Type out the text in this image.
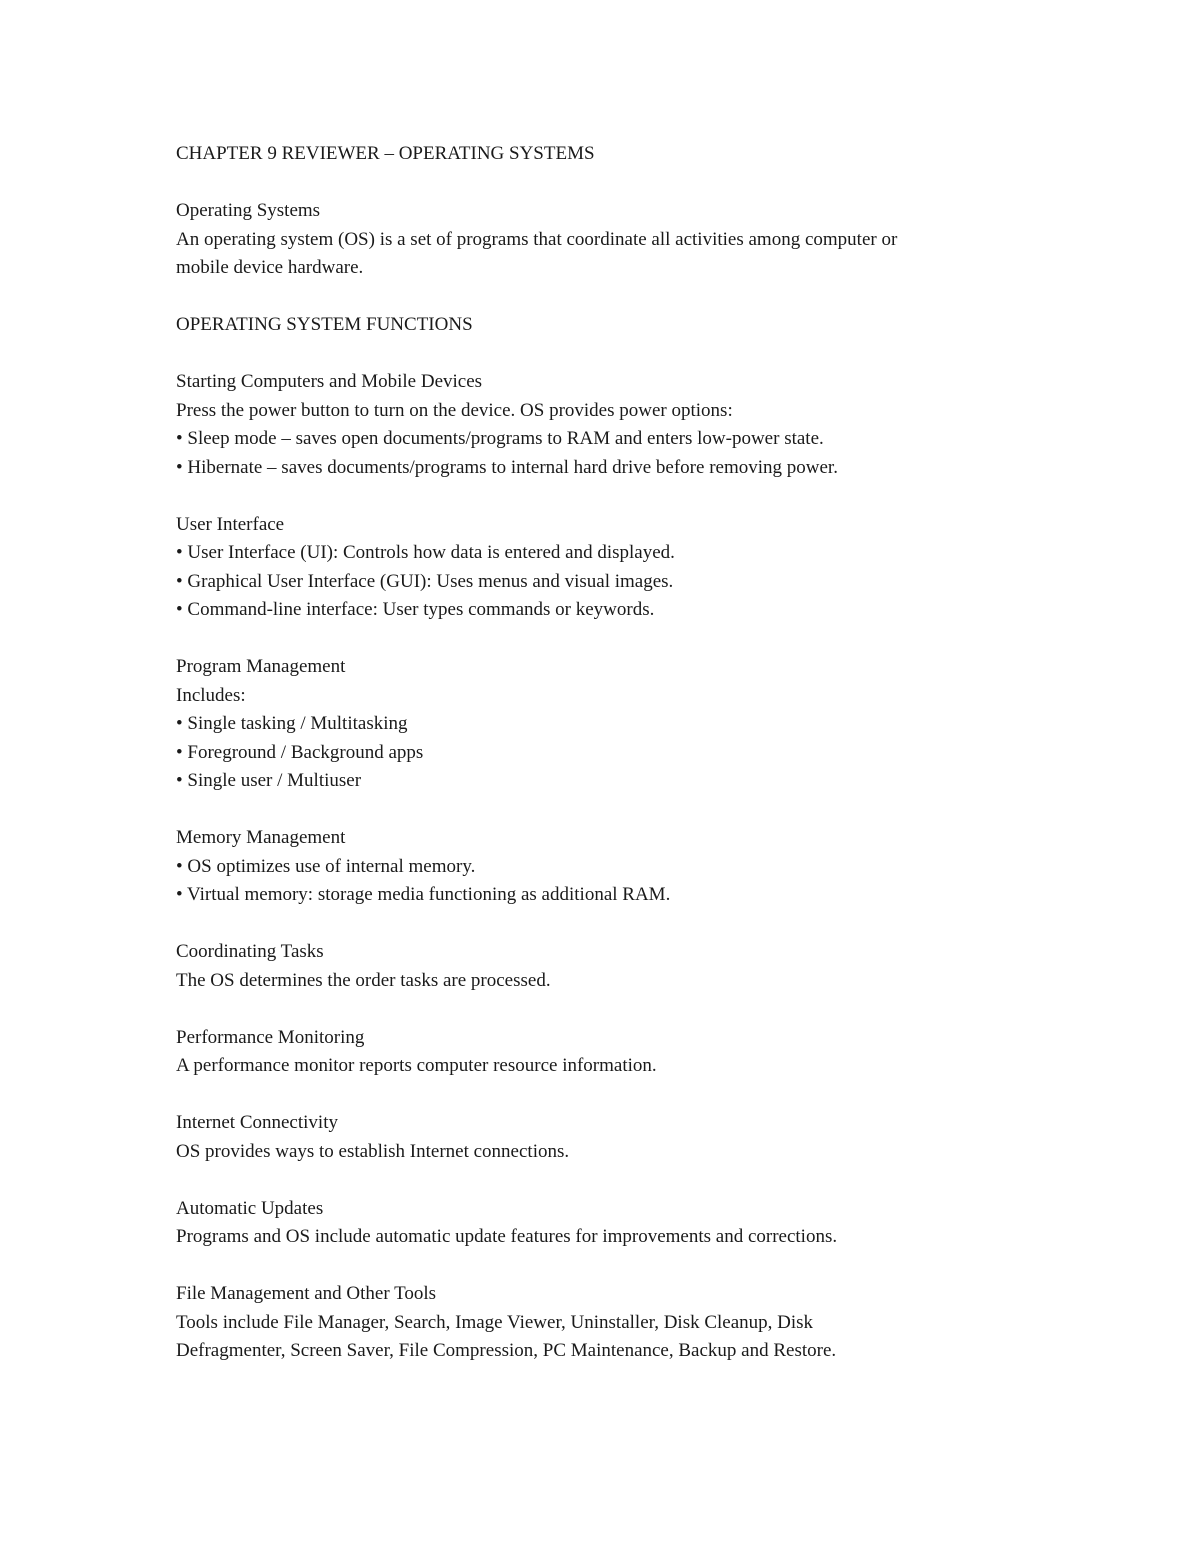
CHAPTER 9 REVIEWER – OPERATING SYSTEMS
Operating Systems
An operating system (OS) is a set of programs that coordinate all activities among computer or
mobile device hardware.
OPERATING SYSTEM FUNCTIONS
Starting Computers and Mobile Devices
Press the power button to turn on the device. OS provides power options:
• Sleep mode – saves open documents/programs to RAM and enters low-power state.
• Hibernate – saves documents/programs to internal hard drive before removing power.
User Interface
• User Interface (UI): Controls how data is entered and displayed.
• Graphical User Interface (GUI): Uses menus and visual images.
• Command-line interface: User types commands or keywords.
Program Management
Includes:
• Single tasking / Multitasking
• Foreground / Background apps
• Single user / Multiuser
Memory Management
• OS optimizes use of internal memory.
• Virtual memory: storage media functioning as additional RAM.
Coordinating Tasks
The OS determines the order tasks are processed.
Performance Monitoring
A performance monitor reports computer resource information.
Internet Connectivity
OS provides ways to establish Internet connections.
Automatic Updates
Programs and OS include automatic update features for improvements and corrections.
File Management and Other Tools
Tools include File Manager, Search, Image Viewer, Uninstaller, Disk Cleanup, Disk
Defragmenter, Screen Saver, File Compression, PC Maintenance, Backup and Restore.
